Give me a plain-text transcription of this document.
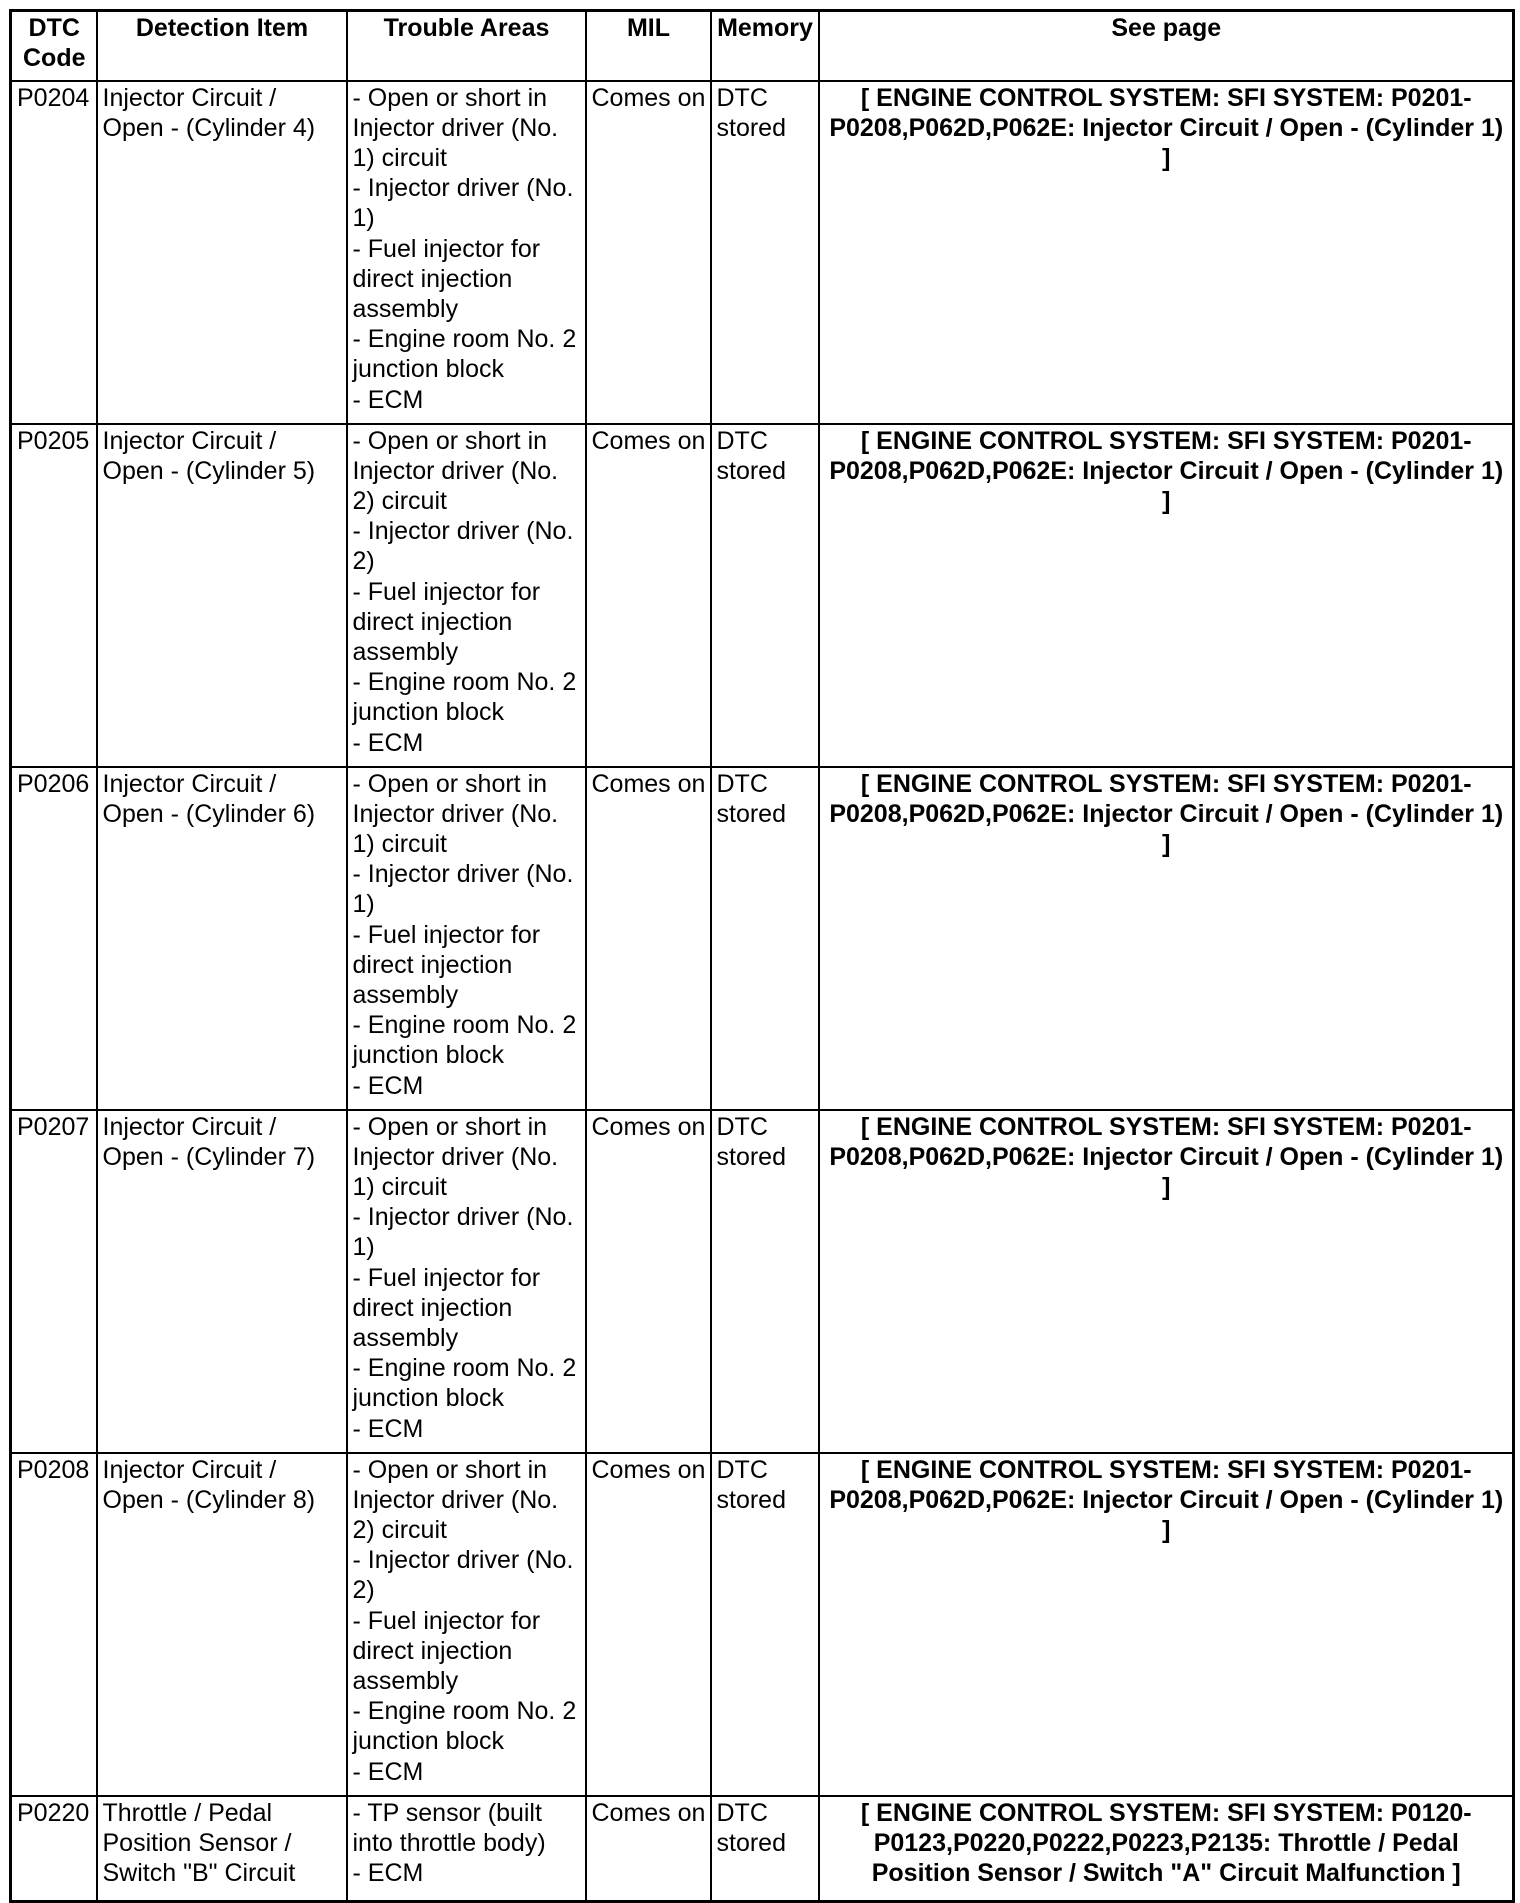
DTC
Code	Detection Item	Trouble Areas	MIL	Memory	See page
P0204	Injector Circuit / Open - (Cylinder 4)	- Open or short in Injector driver (No. 1) circuit
- Injector driver (No. 1)
- Fuel injector for direct injection assembly
- Engine room No. 2 junction block
- ECM	Comes on	DTC stored	[ ENGINE CONTROL SYSTEM: SFI SYSTEM: P0201-P0208,P062D,P062E: Injector Circuit / Open - (Cylinder 1) ]
P0205	Injector Circuit / Open - (Cylinder 5)	- Open or short in Injector driver (No. 2) circuit
- Injector driver (No. 2)
- Fuel injector for direct injection assembly
- Engine room No. 2 junction block
- ECM	Comes on	DTC stored	[ ENGINE CONTROL SYSTEM: SFI SYSTEM: P0201-P0208,P062D,P062E: Injector Circuit / Open - (Cylinder 1) ]
P0206	Injector Circuit / Open - (Cylinder 6)	- Open or short in Injector driver (No. 1) circuit
- Injector driver (No. 1)
- Fuel injector for direct injection assembly
- Engine room No. 2 junction block
- ECM	Comes on	DTC stored	[ ENGINE CONTROL SYSTEM: SFI SYSTEM: P0201-P0208,P062D,P062E: Injector Circuit / Open - (Cylinder 1) ]
P0207	Injector Circuit / Open - (Cylinder 7)	- Open or short in Injector driver (No. 1) circuit
- Injector driver (No. 1)
- Fuel injector for direct injection assembly
- Engine room No. 2 junction block
- ECM	Comes on	DTC stored	[ ENGINE CONTROL SYSTEM: SFI SYSTEM: P0201-P0208,P062D,P062E: Injector Circuit / Open - (Cylinder 1) ]
P0208	Injector Circuit / Open - (Cylinder 8)	- Open or short in Injector driver (No. 2) circuit
- Injector driver (No. 2)
- Fuel injector for direct injection assembly
- Engine room No. 2 junction block
- ECM	Comes on	DTC stored	[ ENGINE CONTROL SYSTEM: SFI SYSTEM: P0201-P0208,P062D,P062E: Injector Circuit / Open - (Cylinder 1) ]
P0220	Throttle / Pedal Position Sensor / Switch "B" Circuit	- TP sensor (built into throttle body)
- ECM	Comes on	DTC stored	[ ENGINE CONTROL SYSTEM: SFI SYSTEM: P0120-P0123,P0220,P0222,P0223,P2135: Throttle / Pedal Position Sensor / Switch "A" Circuit Malfunction ]
